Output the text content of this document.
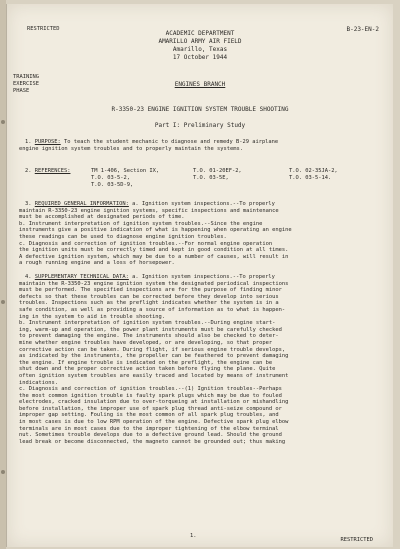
RESTRICTED	B-23-EN-2
ACADEMIC DEPARTMENT
AMARILLO ARMY AIR FIELD
Amarillo, Texas
17 October 1944
TRAINING
EXERCISE
PHASE
ENGINES BRANCH
R-3350-23 ENGINE IGNITION SYSTEM TROUBLE SHOOTING
Part I: Preliminary Study
1. PURPOSE: To teach the student mechanic to diagnose and remedy B-29 airplane
engine ignition system troubles and to properly maintain the systems.
2. REFERENCES:	TM 1-406, Section IX,
T.O. 03-5-2,
T.O. 03-5D-9,
T.O. 01-20EF-2,
T.O. 03-5E,
T.O. 02-35JA-2,
T.O. 03-5-14.
3. REQUIRED GENERAL INFORMATION: a. Ignition system inspections.--To properly
maintain R-3350-23 engine ignition systems, specific inspections and maintenance
must be accomplished at designated periods of time.
b. Instrument interpretation of ignition system troubles.--Since the engine
instruments give a positive indication of what is happening when operating an engine
these readings can be used to diagnose engine ignition troubles.
c. Diagnosis and correction of ignition troubles.--For normal engine operation
the ignition units must be correctly timed and kept in good condition at all times.
A defective ignition system, which may be due to a number of causes, will result in
a rough running engine and a loss of horsepower.
4. SUPPLEMENTARY TECHNICAL DATA: a. Ignition system inspections.--To properly
maintain the R-3350-23 engine ignition system the designated periodical inspections
must be performed. The specified inspections are for the purpose of finding minor
defects so that these troubles can be corrected before they develop into serious
troubles. Inspections such as the preflight indicates whether the system is in a
safe condition, as well as providing a source of information as to what is happen-
ing in the system to aid in trouble shooting.
b. Instrument interpretation of ignition system troubles.--During engine start-
ing, warm-up and operation, the power plant instruments must be carefully checked
to prevent damaging the engine. The instruments should also be checked to deter-
mine whether engine troubles have developed, or are developing, so that proper
corrective action can be taken. During flight, if serious engine trouble develops,
as indicated by the instruments, the propeller can be feathered to prevent damaging
the engine. If engine trouble is indicated on the preflight, the engine can be
shut down and the proper corrective action taken before flying the plane. Quite
often ignition system troubles are easily traced and located by means of instrument
indications.
c. Diagnosis and correction of ignition troubles.--(1) Ignition troubles--Perhaps
the most common ignition trouble is faulty spark plugs which may be due to fouled
electrodes, cracked insulation due to over-torqueing at installation or mishandling
before installation, the improper use of spark plug thread anti-seize compound or
improper gap setting. Fouling is the most common of all spark plug troubles, and
in most cases is due to low RPM operation of the engine. Defective spark plug elbow
terminals are in most cases due to the improper tightening of the elbow terminal
nut. Sometimes trouble develops due to a defective ground lead. Should the ground
lead break or become disconnected, the magneto cannot be grounded out; thus making
1.
RESTRICTED
